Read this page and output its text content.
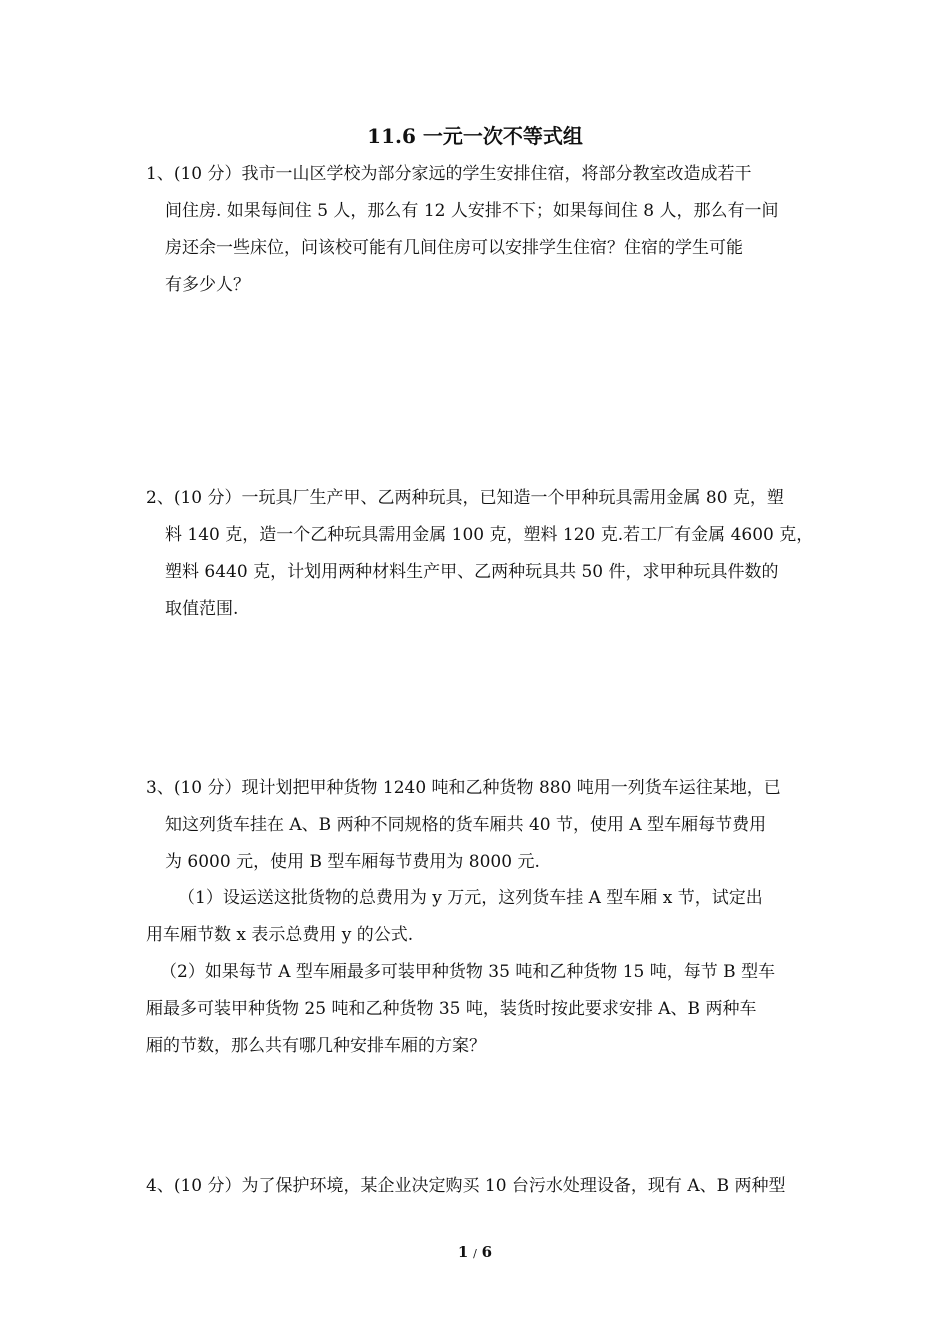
11.6 一元一次不等式组
1、(10 分）我市一山区学校为部分家远的学生安排住宿，将部分教室改造成若干
间住房. 如果每间住 5 人，那么有 12 人安排不下；如果每间住 8 人，那么有一间
房还余一些床位，问该校可能有几间住房可以安排学生住宿？住宿的学生可能
有多少人？
2、(10 分）一玩具厂生产甲、乙两种玩具，已知造一个甲种玩具需用金属 80 克，塑
料 140 克，造一个乙种玩具需用金属 100 克，塑料 120 克.若工厂有金属 4600 克，
塑料 6440 克，计划用两种材料生产甲、乙两种玩具共 50 件，求甲种玩具件数的
取值范围.
3、(10 分）现计划把甲种货物 1240 吨和乙种货物 880 吨用一列货车运往某地，已
知这列货车挂在 A、B 两种不同规格的货车厢共 40 节，使用 A 型车厢每节费用
为 6000 元，使用 B 型车厢每节费用为 8000 元.
（1）设运送这批货物的总费用为 y 万元，这列货车挂 A 型车厢 x 节，试定出
用车厢节数 x 表示总费用 y 的公式.
（2）如果每节 A 型车厢最多可装甲种货物 35 吨和乙种货物 15 吨，每节 B 型车
厢最多可装甲种货物 25 吨和乙种货物 35 吨，装货时按此要求安排 A、B 两种车
厢的节数，那么共有哪几种安排车厢的方案？
4、(10 分）为了保护环境，某企业决定购买 10 台污水处理设备，现有 A、B 两种型
1 / 6
